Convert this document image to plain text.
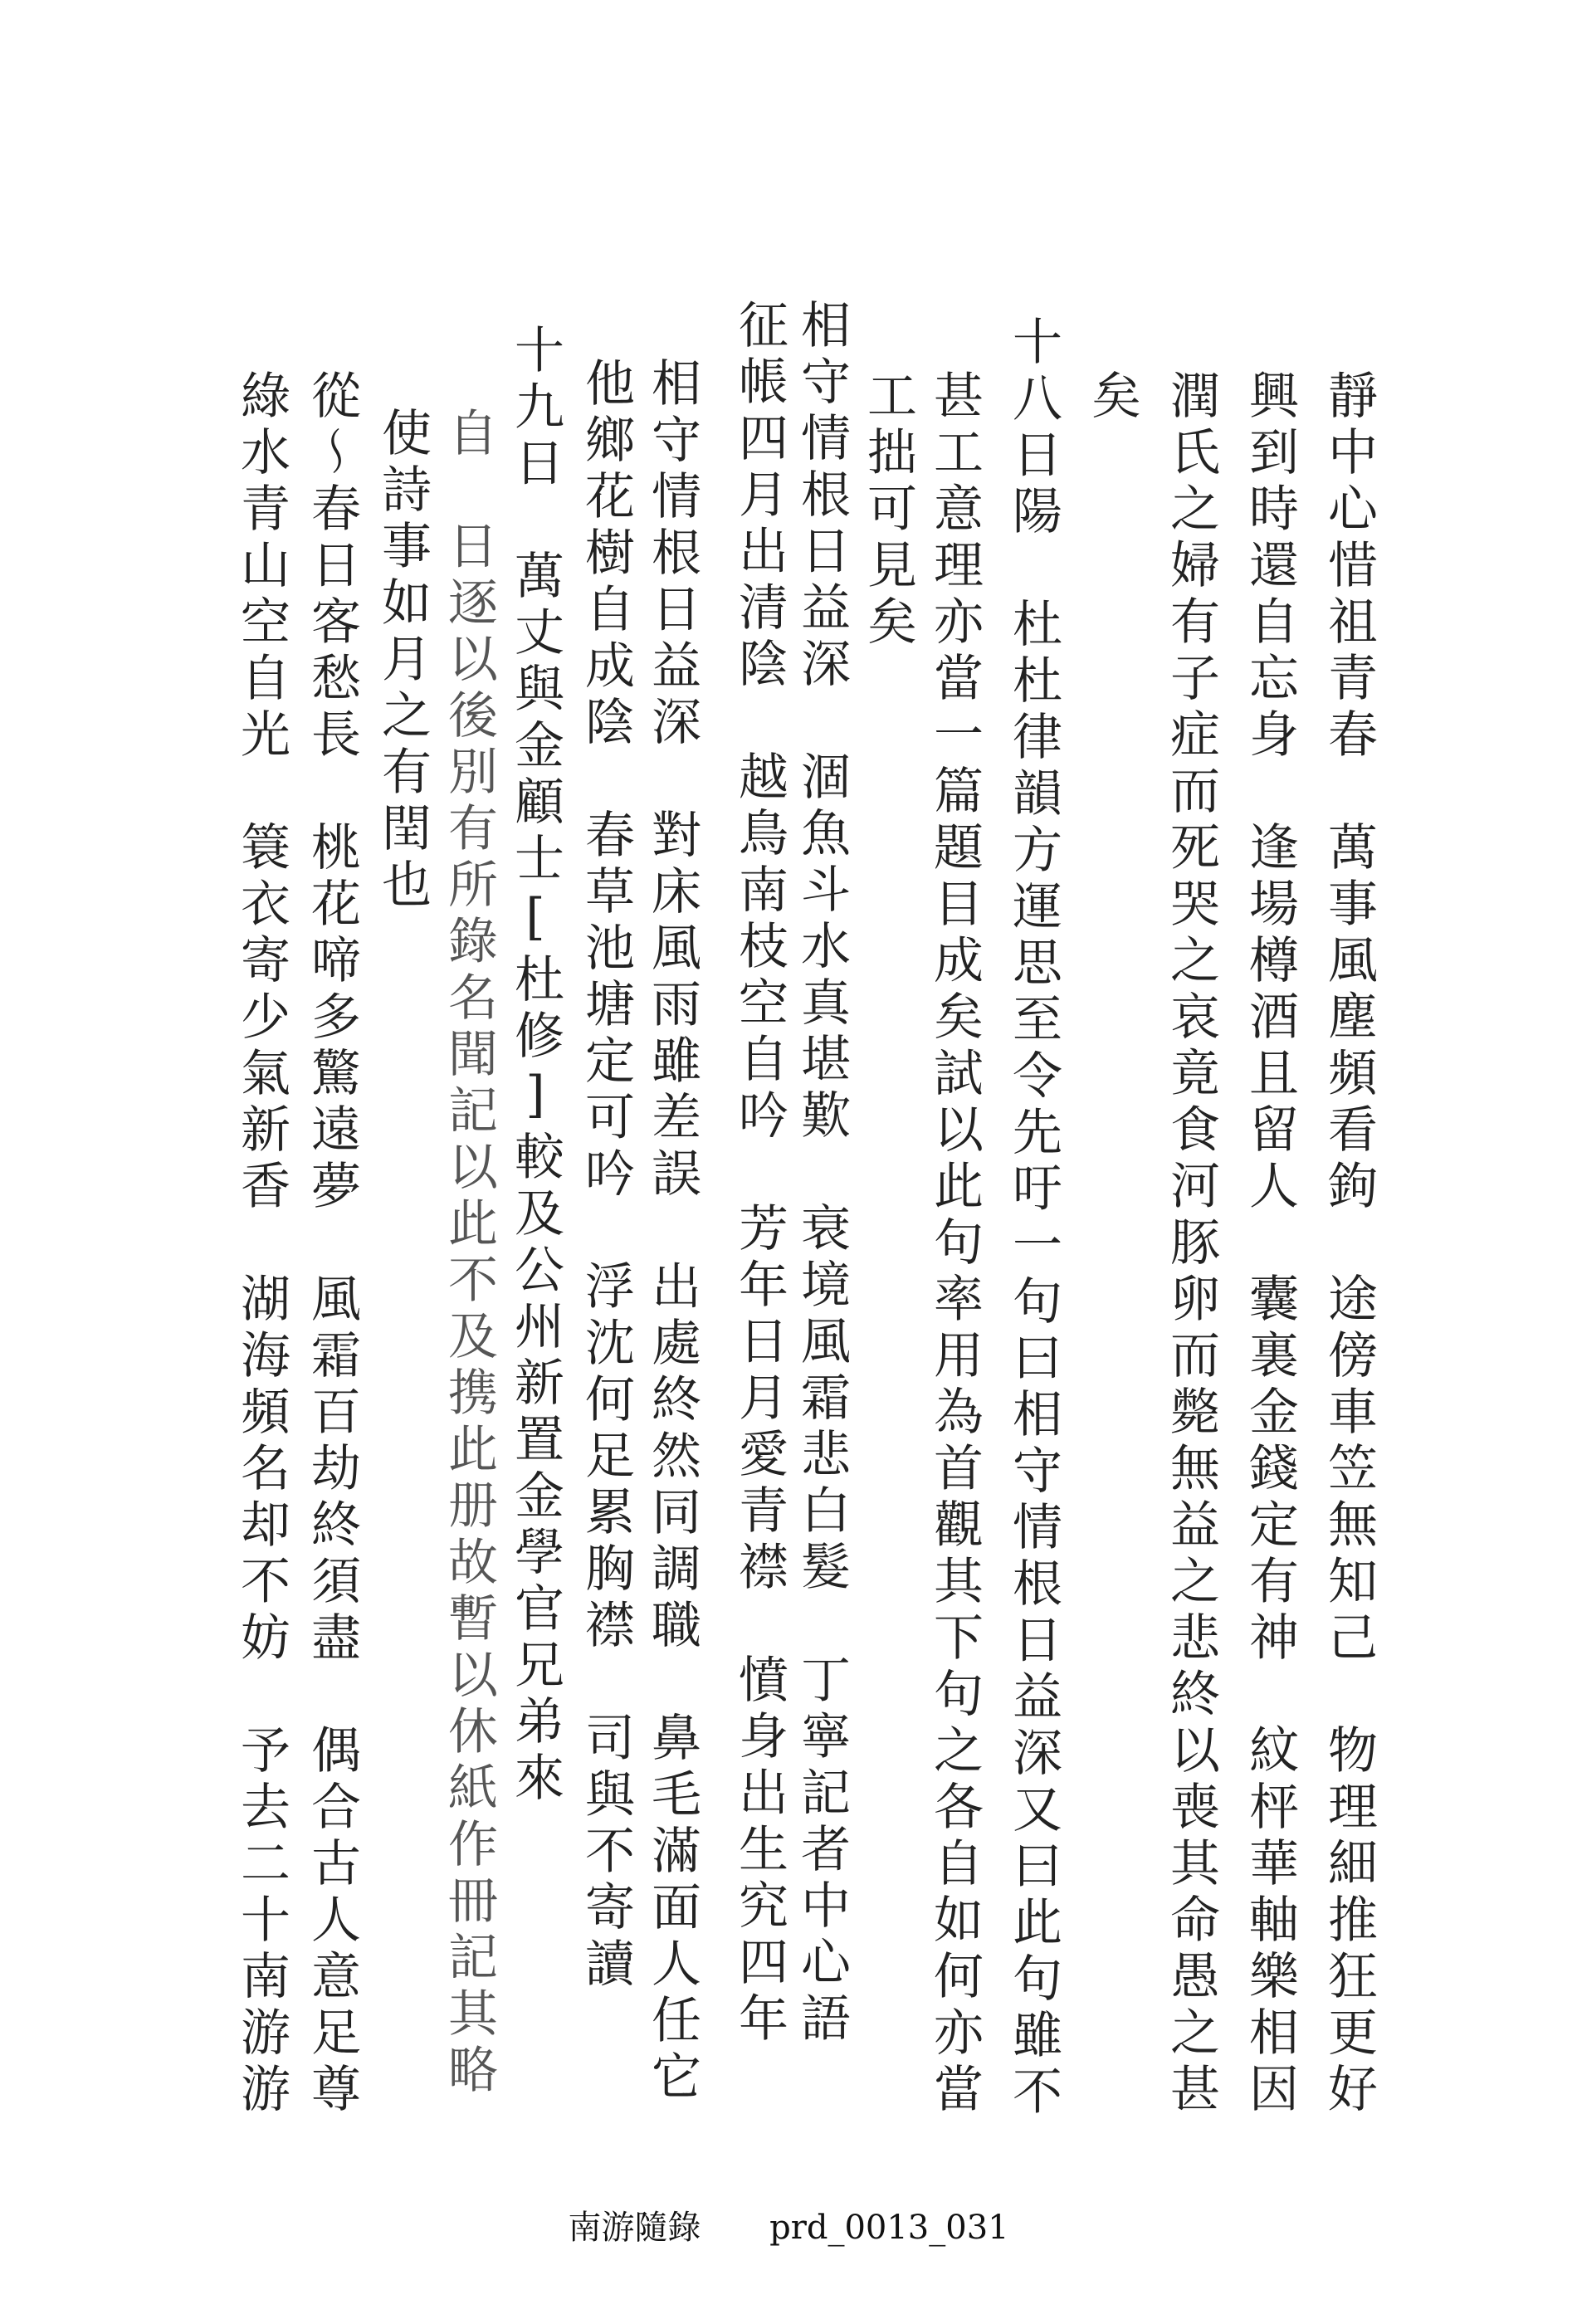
靜中心惜祖青春　萬事風塵頻看鉤　途傍車笠無知己　物理細推狂更好
興到時還自忘身　逢場樽酒且留人　囊裏金錢定有神　紋枰華軸樂相因
潤氏之婦有子症而死哭之哀竟食河豚卵而斃無益之悲終以喪其命愚之甚
矣
十八日陽　杜杜律韻方運思至令先吁一句曰相守情根日益深又曰此句雖不
甚工意理亦當一篇題目成矣試以此句率用為首觀其下句之各自如何亦當
工拙可見矣
相守情根日益深　涸魚斗水真堪歎　衰境風霜悲白髮　丁寧記者中心語
征帳四月出清陰　越鳥南枝空自吟　芳年日月愛青襟　憤身出生究四年
相守情根日益深　對床風雨雖差誤　出處終然同調職　鼻毛滿面人任它
他鄉花樹自成陰　春草池塘定可吟　浮沈何足累胸襟　司與不寄讀
十九日　萬丈與金顧士[杜修]較及公州新置金學官兄弟來
自　日逐以後別有所錄名聞記以此不及携此册故暫以休紙作冊記其略
使詩事如月之有閏也
從～春日客愁長　桃花啼多驚遠夢　風霜百劫終須盡　偶合古人意足尊
綠水青山空自光　簑衣寄少氣新香　湖海頻名却不妨　予去二十南游游
南游隨錄 prd_0013_031
